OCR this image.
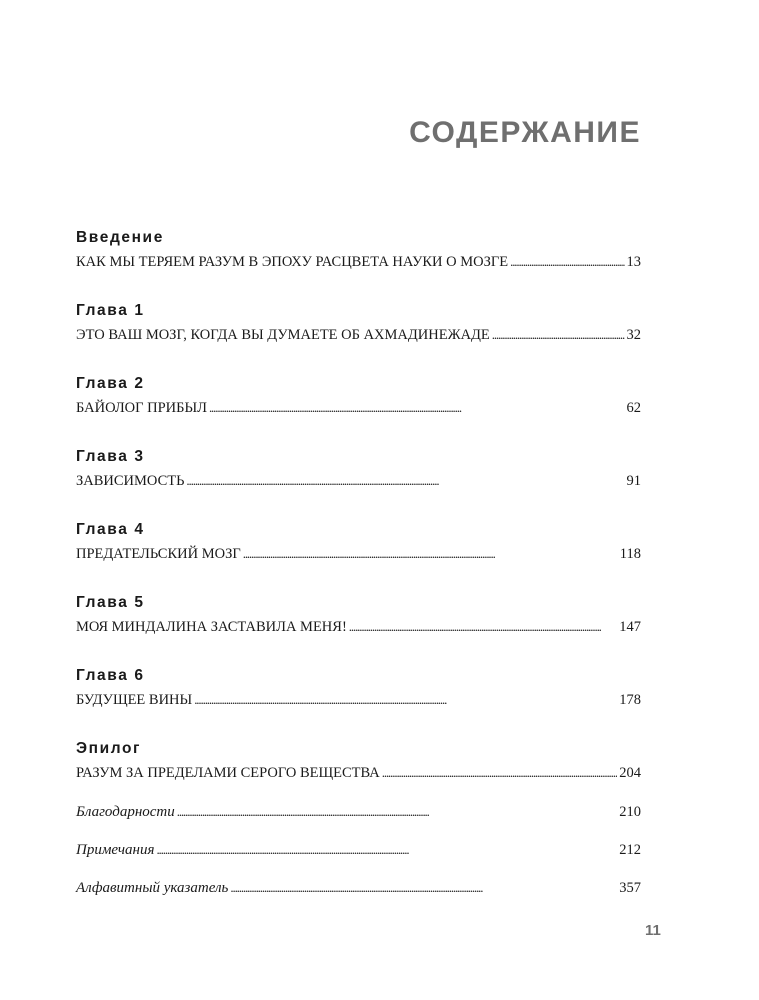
СОДЕРЖАНИЕ
Введение
КАК МЫ ТЕРЯЕМ РАЗУМ В ЭПОХУ РАСЦВЕТА НАУКИ О МОЗГЕ . . .	13
Глава 1
ЭТО ВАШ МОЗГ, КОГДА ВЫ ДУМАЕТЕ ОБ АХМАДИНЕЖАДЕ . . .	32
Глава 2
БАЙОЛОГ ПРИБЫЛ . . .	62
Глава 3
ЗАВИСИМОСТЬ . . .	91
Глава 4
ПРЕДАТЕЛЬСКИЙ МОЗГ . . .	118
Глава 5
МОЯ МИНДАЛИНА ЗАСТАВИЛА МЕНЯ! . . .	147
Глава 6
БУДУЩЕЕ ВИНЫ . . .	178
Эпилог
РАЗУМ ЗА ПРЕДЕЛАМИ СЕРОГО ВЕЩЕСТВА . . .	204
Благодарности . . .	210
Примечания . . .	212
Алфавитный указатель . . .	357
11
